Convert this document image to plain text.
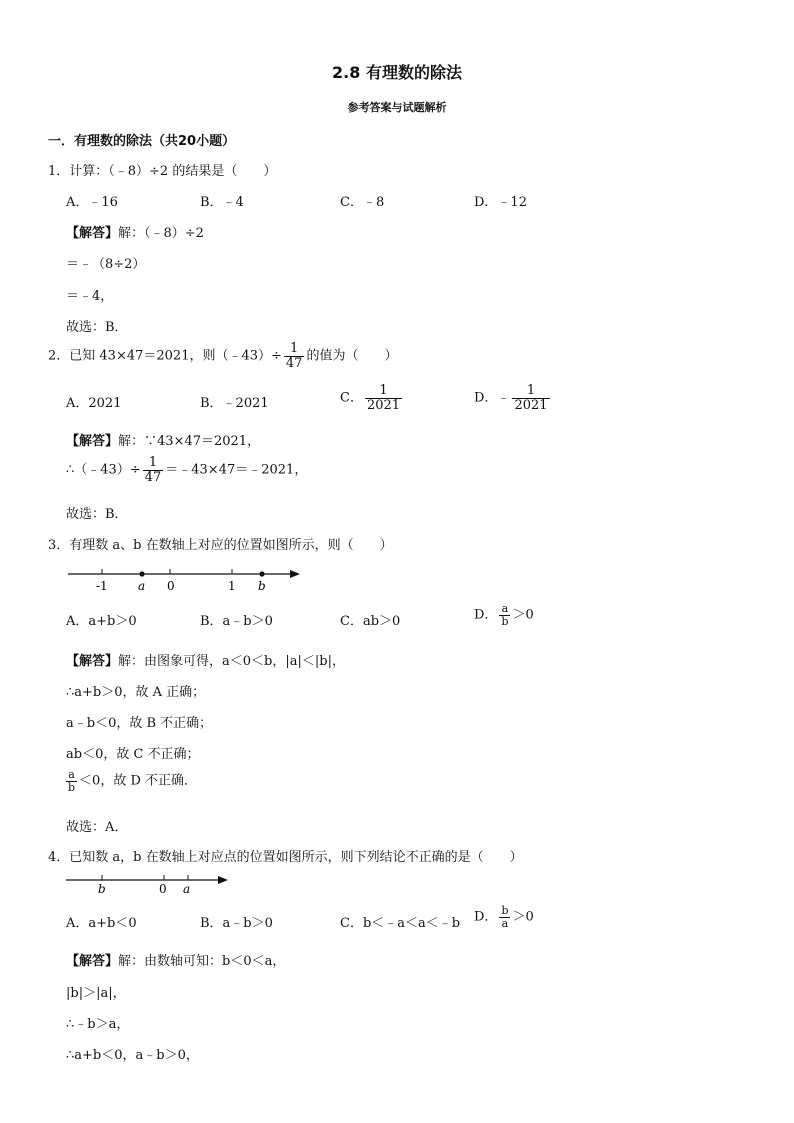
2.8 有理数的除法
参考答案与试题解析
一．有理数的除法（共20小题）
1．计算：（﹣8）÷2 的结果是（　　）
A．﹣16	B．﹣4	C．﹣8	D．﹣12
【解答】解：（﹣8）÷2
＝﹣（8÷2）
＝﹣4，
故选：B．
2．已知 43×47＝2021，则（﹣43）÷ $\frac{1}{47}$ 的值为（　　）
A．2021	B．﹣2021	C． $\frac{1}{2021}$	D．﹣ $\frac{1}{2021}$
【解答】解：∵43×47＝2021，
∴（﹣43）÷ $\frac{1}{47}$ ＝﹣43×47＝﹣2021，
故选：B．
3．有理数 a、b 在数轴上对应的位置如图所示，则（　　）
-1	a 0	1 b
A．a+b＞0	B．a﹣b＞0	C．ab＞0	D． $\frac{a}{b} >0$
【解答】解：由图象可得，a＜0＜b，|a|＜|b|，
∴a+b＞0，故 A 正确；
a﹣b＜0，故 B 不正确；
ab＜0，故 C 不正确；
$\frac{a}{b} <0$，故 D 不正确．
故选：A．
4．已知数 a，b 在数轴上对应点的位置如图所示，则下列结论不正确的是（　　）
b	0 a
A．a+b＜0	B．a﹣b＞0	C．b＜﹣a＜a＜﹣b D． $\frac{b}{a} >0$
【解答】解：由数轴可知：b＜0＜a，
|b|＞|a|，
∴﹣b＞a，
∴a+b＜0，a﹣b＞0，
